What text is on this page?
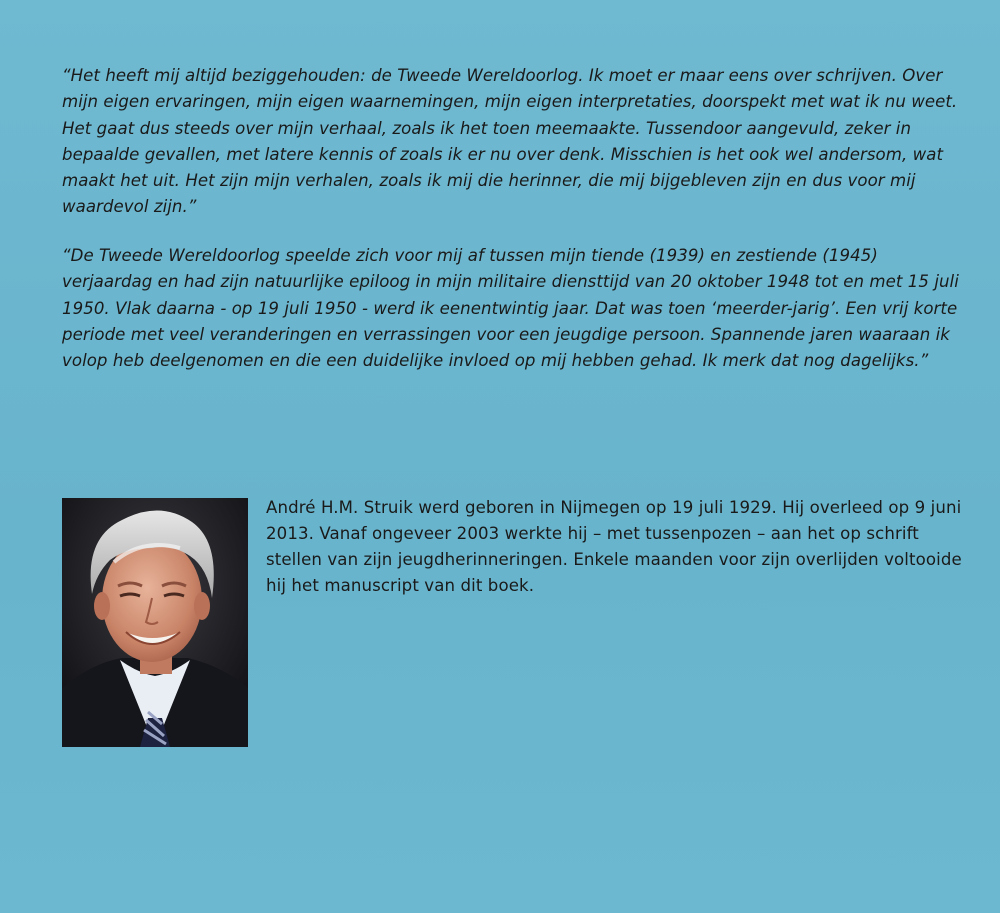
“Het heeft mij altijd beziggehouden: de Tweede Wereldoorlog. Ik moet er maar eens over schrijven. Over mijn eigen ervaringen, mijn eigen waarnemingen, mijn eigen interpretaties, doorspekt met wat ik nu weet. Het gaat dus steeds over mijn verhaal, zoals ik het toen meemaakte. Tussendoor aangevuld, zeker in bepaalde gevallen, met latere kennis of zoals ik er nu over denk. Misschien is het ook wel andersom, wat maakt het uit. Het zijn mijn verhalen, zoals ik mij die herinner, die mij bijgebleven zijn en dus voor mij waardevol zijn.”

“De Tweede Wereldoorlog speelde zich voor mij af tussen mijn tiende (1939) en zestiende (1945) verjaardag en had zijn natuurlijke epiloog in mijn militaire diensttijd van 20 oktober 1948 tot en met 15 juli 1950. Vlak daarna - op 19 juli 1950 - werd ik eenentwintig jaar. Dat was toen ‘meerder-jarig’. Een vrij korte periode met veel veranderingen en verrassingen voor een jeugdige persoon. Spannende jaren waaraan ik volop heb deelgenomen en die een duidelijke invloed op mij hebben gehad. Ik merk dat nog dagelijks.”

André H.M. Struik werd geboren in Nijmegen op 19 juli 1929. Hij overleed op 9 juni 2013. Vanaf ongeveer 2003 werkte hij – met tussenpozen – aan het op schrift stellen van zijn jeugdherinneringen. Enkele maanden voor zijn overlijden voltooide hij het manuscript van dit boek.
